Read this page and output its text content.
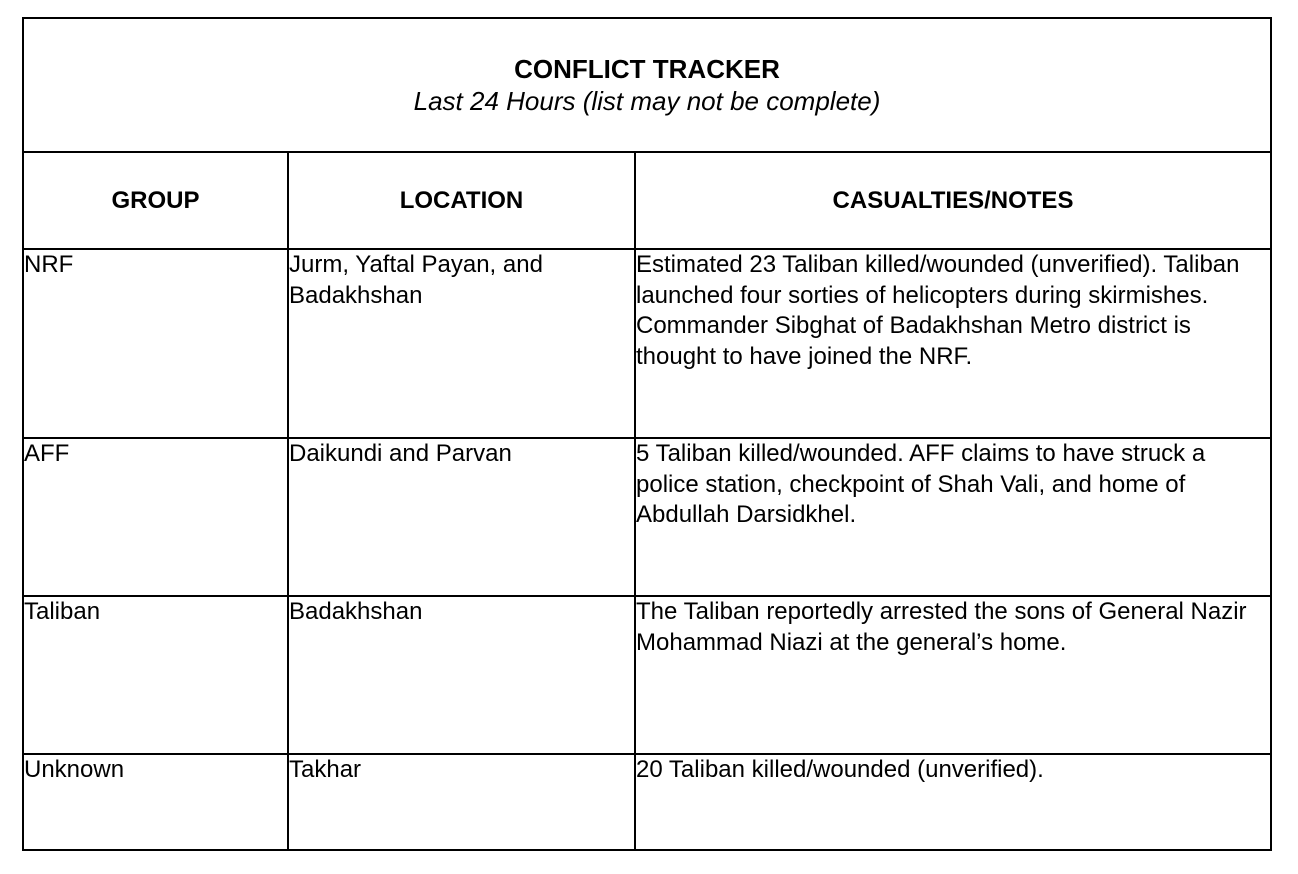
CONFLICT TRACKER
Last 24 Hours (list may not be complete)		

GROUP	LOCATION	CASUALTIES/NOTES
NRF	Jurm, Yaftal Payan, and Badakhshan	Estimated 23 Taliban killed/wounded (unverified). Taliban launched four sorties of helicopters during skirmishes. Commander Sibghat of Badakhshan Metro district is thought to have joined the NRF.
AFF	Daikundi and Parvan	5 Taliban killed/wounded. AFF claims to have struck a police station, checkpoint of Shah Vali, and home of Abdullah Darsidkhel.
Taliban	Badakhshan	The Taliban reportedly arrested the sons of General Nazir Mohammad Niazi at the general’s home.
Unknown	Takhar	20 Taliban killed/wounded (unverified).
